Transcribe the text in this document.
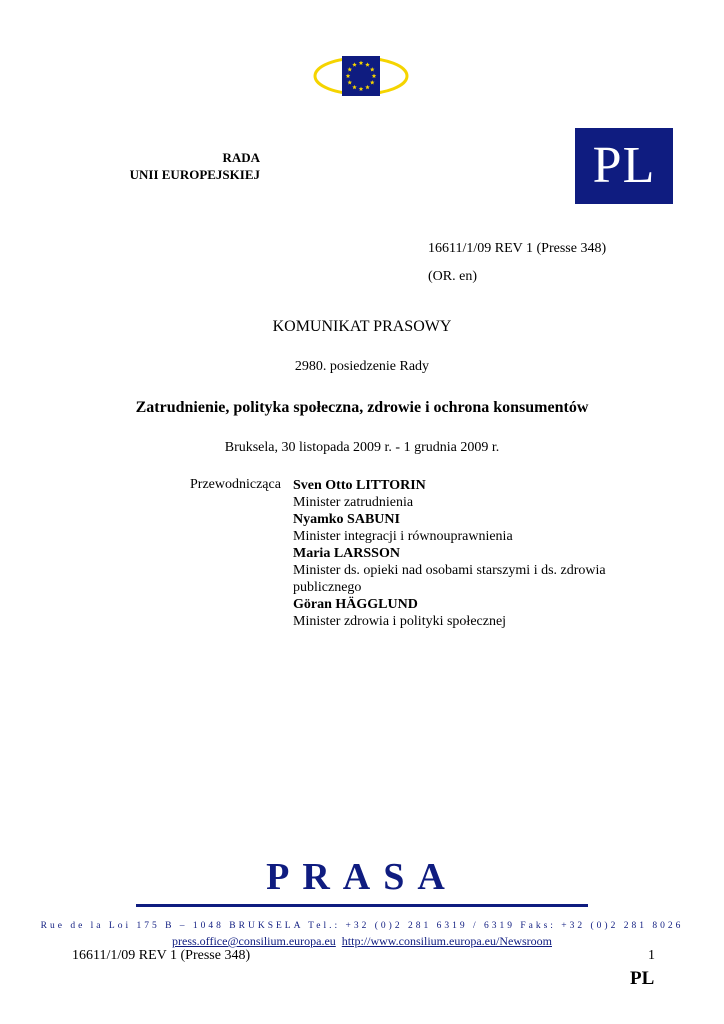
RADA
UNII EUROPEJSKIEJ	PL
16611/1/09 REV 1 (Presse 348)
(OR. en)
KOMUNIKAT PRASOWY
2980. posiedzenie Rady
Zatrudnienie, polityka społeczna, zdrowie i ochrona konsumentów
Bruksela, 30 listopada 2009 r. - 1 grudnia 2009 r.
Przewodnicząca Sven Otto LITTORIN
Minister zatrudnienia
Nyamko SABUNI
Minister integracji i równouprawnienia
Maria LARSSON
Minister ds. opieki nad osobami starszymi i ds. zdrowia publicznego
Göran HÄGGLUND
Minister zdrowia i polityki społecznej
PRASA
Rue de la Loi 175 B – 1048 BRUKSELA Tel.: +32 (0)2 281 6319 / 6319 Faks: +32 (0)2 281 8026
press.office@consilium.europa.eu http://www.consilium.europa.eu/Newsroom
16611/1/09 REV 1 (Presse 348)	1
PL
